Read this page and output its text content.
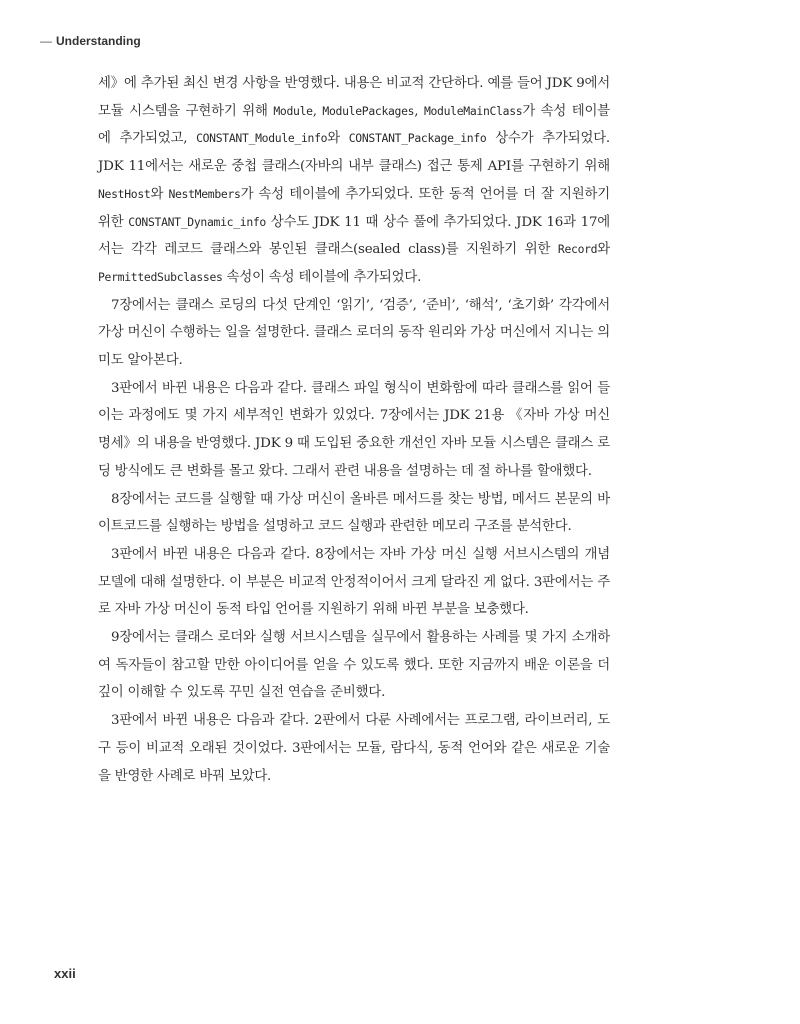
— Understanding

세》에 추가된 최신 변경 사항을 반영했다. 내용은 비교적 간단하다. 예를 들어 JDK 9에서 모듈 시스템을 구현하기 위해 Module, ModulePackages, ModuleMainClass가 속성 테이블에 추가되었고, CONSTANT_Module_info와 CONSTANT_Package_info 상수가 추가되었다. JDK 11에서는 새로운 중첩 클래스(자바의 내부 클래스) 접근 통제 API를 구현하기 위해 NestHost와 NestMembers가 속성 테이블에 추가되었다. 또한 동적 언어를 더 잘 지원하기 위한 CONSTANT_Dynamic_info 상수도 JDK 11 때 상수 풀에 추가되었다. JDK 16과 17에서는 각각 레코드 클래스와 봉인된 클래스(sealed class)를 지원하기 위한 Record와 PermittedSubclasses 속성이 속성 테이블에 추가되었다.

7장에서는 클래스 로딩의 다섯 단계인 ‘읽기’, ‘검증’, ‘준비’, ‘해석’, ‘초기화’ 각각에서 가상 머신이 수행하는 일을 설명한다. 클래스 로더의 동작 원리와 가상 머신에서 지니는 의미도 알아본다.

3판에서 바뀐 내용은 다음과 같다. 클래스 파일 형식이 변화함에 따라 클래스를 읽어 들이는 과정에도 몇 가지 세부적인 변화가 있었다. 7장에서는 JDK 21용 《자바 가상 머신 명세》의 내용을 반영했다. JDK 9 때 도입된 중요한 개선인 자바 모듈 시스템은 클래스 로딩 방식에도 큰 변화를 몰고 왔다. 그래서 관련 내용을 설명하는 데 절 하나를 할애했다.

8장에서는 코드를 실행할 때 가상 머신이 올바른 메서드를 찾는 방법, 메서드 본문의 바이트코드를 실행하는 방법을 설명하고 코드 실행과 관련한 메모리 구조를 분석한다.

3판에서 바뀐 내용은 다음과 같다. 8장에서는 자바 가상 머신 실행 서브시스템의 개념 모델에 대해 설명한다. 이 부분은 비교적 안정적이어서 크게 달라진 게 없다. 3판에서는 주로 자바 가상 머신이 동적 타입 언어를 지원하기 위해 바뀐 부분을 보충했다.

9장에서는 클래스 로더와 실행 서브시스템을 실무에서 활용하는 사례를 몇 가지 소개하여 독자들이 참고할 만한 아이디어를 얻을 수 있도록 했다. 또한 지금까지 배운 이론을 더 깊이 이해할 수 있도록 꾸민 실전 연습을 준비했다.

3판에서 바뀐 내용은 다음과 같다. 2판에서 다룬 사례에서는 프로그램, 라이브러리, 도구 등이 비교적 오래된 것이었다. 3판에서는 모듈, 람다식, 동적 언어와 같은 새로운 기술을 반영한 사례로 바꿔 보았다.

xxii
